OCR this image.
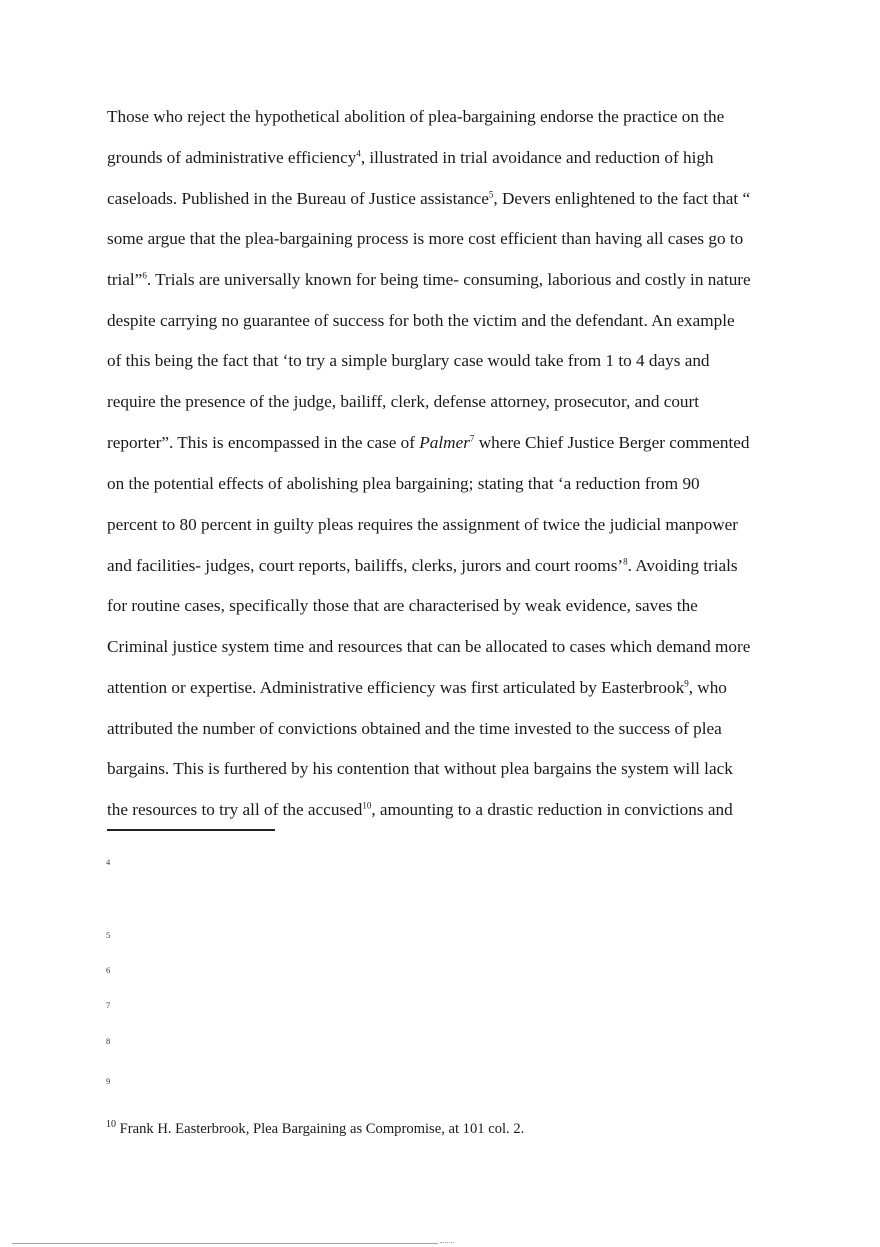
Those who reject the hypothetical abolition of plea-bargaining endorse the practice on the
grounds of administrative efficiency$^4$, illustrated in trial avoidance and reduction of high
caseloads. Published in the Bureau of Justice assistance$^5$, Devers enlightened to the fact that “
some argue that the plea-bargaining process is more cost efficient than having all cases go to
trial”$^6$. Trials are universally known for being time- consuming, laborious and costly in nature
despite carrying no guarantee of success for both the victim and the defendant. An example
of this being the fact that ‘to try a simple burglary case would take from 1 to 4 days and
require the presence of the judge, bailiff, clerk, defense attorney, prosecutor, and court
reporter”. This is encompassed in the case of Palmer$^7$ where Chief Justice Berger commented
on the potential effects of abolishing plea bargaining; stating that ‘a reduction from 90
percent to 80 percent in guilty pleas requires the assignment of twice the judicial manpower
and facilities- judges, court reports, bailiffs, clerks, jurors and court rooms’$^8$. Avoiding trials
for routine cases, specifically those that are characterised by weak evidence, saves the
Criminal justice system time and resources that can be allocated to cases which demand more
attention or expertise. Administrative efficiency was first articulated by Easterbrook$^9$, who
attributed the number of convictions obtained and the time invested to the success of plea
bargains. This is furthered by his contention that without plea bargains the system will lack
the resources to try all of the accused$^{10}$, amounting to a drastic reduction in convictions and
4
5
6
7
8
9
$^{10}$ Frank H. Easterbrook, Plea Bargaining as Compromise, at 101 col. 2.
